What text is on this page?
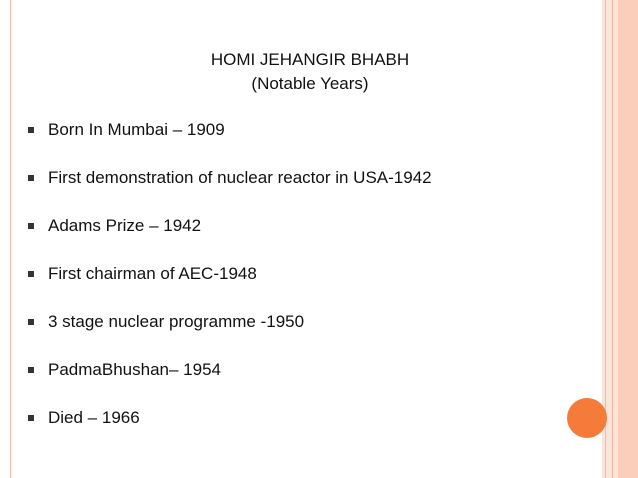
HOMI JEHANGIR BHABH
(Notable Years)
Born In Mumbai – 1909
First demonstration of nuclear reactor in USA-1942
Adams Prize – 1942
First chairman of AEC-1948
3 stage nuclear programme -1950
PadmaBhushan– 1954
Died – 1966
